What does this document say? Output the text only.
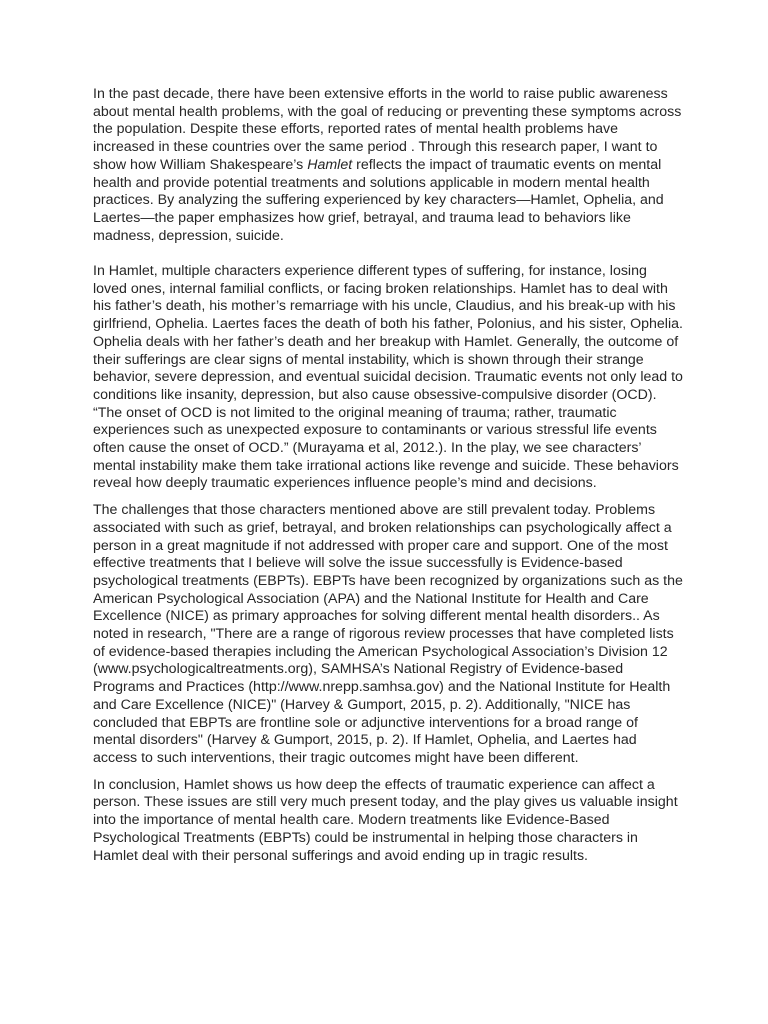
In the past decade, there have been extensive efforts in the world to raise public awareness about mental health problems, with the goal of reducing or preventing these symptoms across the population. Despite these efforts, reported rates of mental health problems have increased in these countries over the same period . Through this research paper, I want to show how William Shakespeare’s Hamlet reflects the impact of traumatic events on mental health and provide potential treatments and solutions applicable in modern mental health practices. By analyzing the suffering experienced by key characters—Hamlet, Ophelia, and Laertes—the paper emphasizes how grief, betrayal, and trauma lead to behaviors like madness, depression, suicide.

In Hamlet, multiple characters experience different types of suffering, for instance, losing loved ones, internal familial conflicts, or facing broken relationships. Hamlet has to deal with his father’s death, his mother’s remarriage with his uncle, Claudius, and his break-up with his girlfriend, Ophelia. Laertes faces the death of both his father, Polonius, and his sister, Ophelia. Ophelia deals with her father’s death and her breakup with Hamlet. Generally, the outcome of their sufferings are clear signs of mental instability, which is shown through their strange behavior, severe depression, and eventual suicidal decision. Traumatic events not only lead to conditions like insanity, depression, but also cause obsessive-compulsive disorder (OCD). “The onset of OCD is not limited to the original meaning of trauma; rather, traumatic experiences such as unexpected exposure to contaminants or various stressful life events often cause the onset of OCD.” (Murayama et al, 2012.). In the play, we see characters’ mental instability make them take irrational actions like revenge and suicide. These behaviors reveal how deeply traumatic experiences influence people’s mind and decisions.

The challenges that those characters mentioned above are still prevalent today. Problems associated with such as grief, betrayal, and broken relationships can psychologically affect a person in a great magnitude if not addressed with proper care and support. One of the most effective treatments that I believe will solve the issue successfully is Evidence-based psychological treatments (EBPTs). EBPTs have been recognized by organizations such as the American Psychological Association (APA) and the National Institute for Health and Care Excellence (NICE) as primary approaches for solving different mental health disorders.. As noted in research, "There are a range of rigorous review processes that have completed lists of evidence-based therapies including the American Psychological Association’s Division 12 (www.psychologicaltreatments.org), SAMHSA’s National Registry of Evidence-based Programs and Practices (http://www.nrepp.samhsa.gov) and the National Institute for Health and Care Excellence (NICE)" (Harvey & Gumport, 2015, p. 2). Additionally, "NICE has concluded that EBPTs are frontline sole or adjunctive interventions for a broad range of mental disorders" (Harvey & Gumport, 2015, p. 2). If Hamlet, Ophelia, and Laertes had access to such interventions, their tragic outcomes might have been different.

In conclusion, Hamlet shows us how deep the effects of traumatic experience can affect a person. These issues are still very much present today, and the play gives us valuable insight into the importance of mental health care. Modern treatments like Evidence-Based Psychological Treatments (EBPTs) could be instrumental in helping those characters in Hamlet deal with their personal sufferings and avoid ending up in tragic results.
